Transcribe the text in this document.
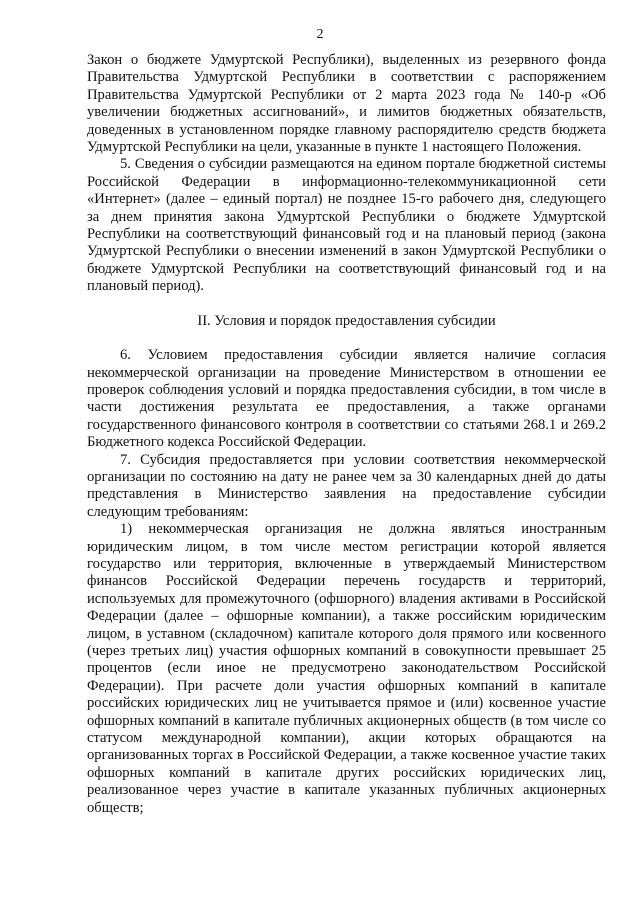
2

Закон о бюджете Удмуртской Республики), выделенных из резервного фонда Правительства Удмуртской Республики в соответствии с распоряжением Правительства Удмуртской Республики от 2 марта 2023 года № 140-р «Об увеличении бюджетных ассигнований», и лимитов бюджетных обязательств, доведенных в установленном порядке главному распорядителю средств бюджета Удмуртской Республики на цели, указанные в пункте 1 настоящего Положения.

5. Сведения о субсидии размещаются на едином портале бюджетной системы Российской Федерации в информационно-телекоммуникационной сети «Интернет» (далее – единый портал) не позднее 15-го рабочего дня, следующего за днем принятия закона Удмуртской Республики о бюджете Удмуртской Республики на соответствующий финансовый год и на плановый период (закона Удмуртской Республики о внесении изменений в закон Удмуртской Республики о бюджете Удмуртской Республики на соответствующий финансовый год и на плановый период).

II. Условия и порядок предоставления субсидии

6. Условием предоставления субсидии является наличие согласия некоммерческой организации на проведение Министерством в отношении ее проверок соблюдения условий и порядка предоставления субсидии, в том числе в части достижения результата ее предоставления, а также органами государственного финансового контроля в соответствии со статьями 268.1 и 269.2 Бюджетного кодекса Российской Федерации.

7. Субсидия предоставляется при условии соответствия некоммерческой организации по состоянию на дату не ранее чем за 30 календарных дней до даты представления в Министерство заявления на предоставление субсидии следующим требованиям:

1) некоммерческая организация не должна являться иностранным юридическим лицом, в том числе местом регистрации которой является государство или территория, включенные в утверждаемый Министерством финансов Российской Федерации перечень государств и территорий, используемых для промежуточного (офшорного) владения активами в Российской Федерации (далее – офшорные компании), а также российским юридическим лицом, в уставном (складочном) капитале которого доля прямого или косвенного (через третьих лиц) участия офшорных компаний в совокупности превышает 25 процентов (если иное не предусмотрено законодательством Российской Федерации). При расчете доли участия офшорных компаний в капитале российских юридических лиц не учитывается прямое и (или) косвенное участие офшорных компаний в капитале публичных акционерных обществ (в том числе со статусом международной компании), акции которых обращаются на организованных торгах в Российской Федерации, а также косвенное участие таких офшорных компаний в капитале других российских юридических лиц, реализованное через участие в капитале указанных публичных акционерных обществ;
